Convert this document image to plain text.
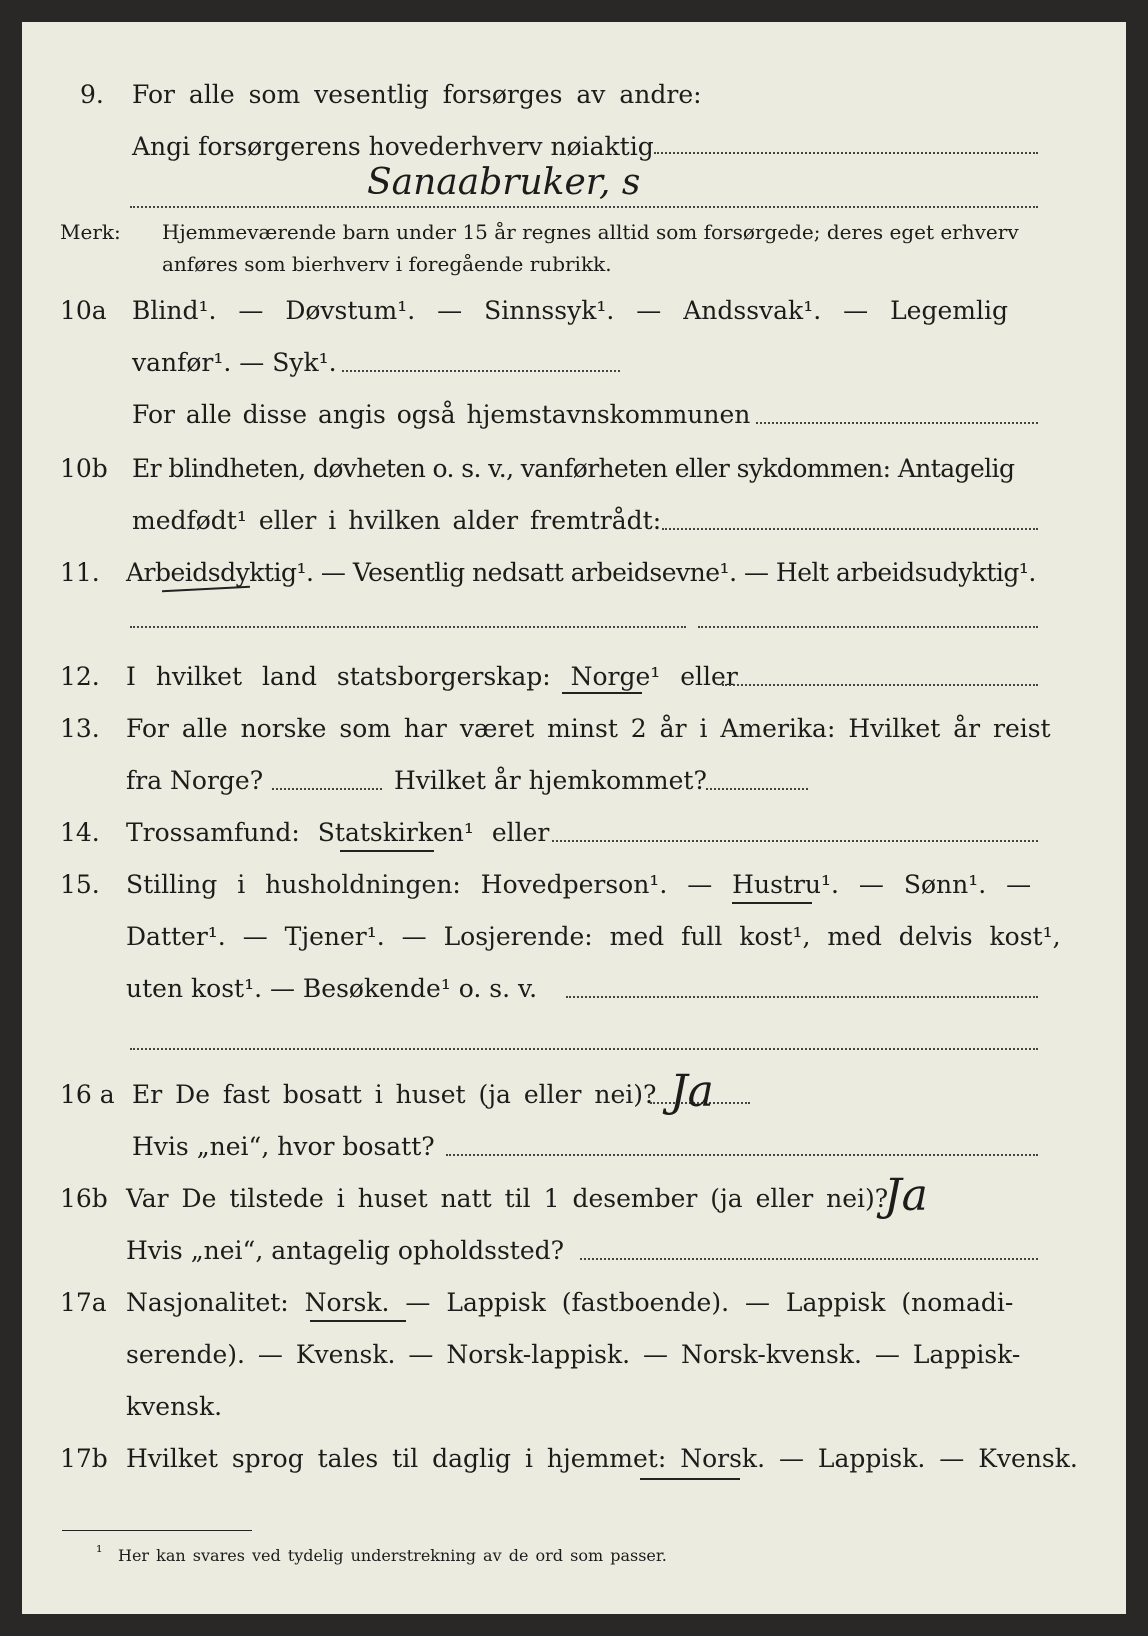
9. For alle som vesentlig forsørges av andre:
Angi forsørgerens hovederhverv nøiaktig
Sanaabruker, s
Merk: Hjemmeværende barn under 15 år regnes alltid som forsørgede; deres eget erhverv
anføres som bierhverv i foregående rubrikk.
10a Blind¹. — Døvstum¹. — Sinnssyk¹. — Andssvak¹. — Legemlig
vanfør¹. — Syk¹.
For alle disse angis også hjemstavnskommunen
10b Er blindheten, døvheten o. s. v., vanførheten eller sykdommen: Antagelig
medfødt¹ eller i hvilken alder fremtrådt:
11. Arbeidsdyktig¹. — Vesentlig nedsatt arbeidsevne¹. — Helt arbeidsudyktig¹.
12. I hvilket land statsborgerskap: Norge¹ eller
13. For alle norske som har været minst 2 år i Amerika: Hvilket år reist
fra Norge?	Hvilket år hjemkommet?
14. Trossamfund: Statskirken¹ eller
15. Stilling i husholdningen: Hovedperson¹. — Hustru¹. — Sønn¹. —
Datter¹. — Tjener¹. — Losjerende: med full kost¹, med delvis kost¹,
uten kost¹. — Besøkende¹ o. s. v.
16 a Er De fast bosatt i huset (ja eller nei)? Ja
Hvis „nei“, hvor bosatt?
16b Var De tilstede i huset natt til 1 desember (ja eller nei)?
Ja
Hvis „nei“, antagelig opholdssted?
17a Nasjonalitet: Norsk. — Lappisk (fastboende). — Lappisk (nomadi-
serende). — Kvensk. — Norsk-lappisk. — Norsk-kvensk. — Lappisk-
kvensk.
17b Hvilket sprog tales til daglig i hjemmet: Norsk. — Lappisk. — Kvensk.
¹ Her kan svares ved tydelig understrekning av de ord som passer.
